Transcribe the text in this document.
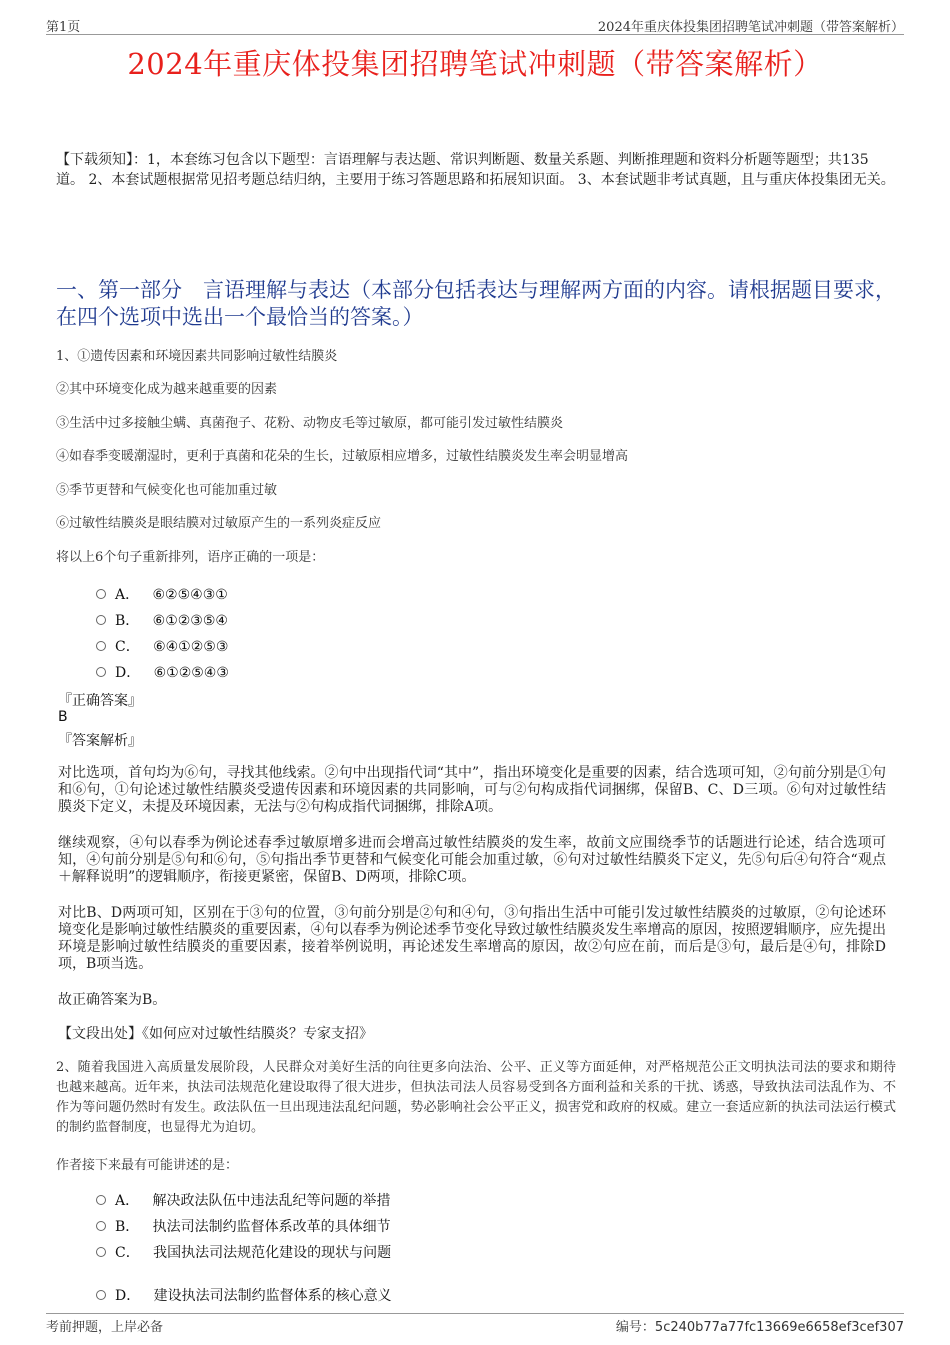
第1页	2024年重庆体投集团招聘笔试冲刺题（带答案解析）
2024年重庆体投集团招聘笔试冲刺题（带答案解析）
【下载须知】：1，本套练习包含以下题型：言语理解与表达题、常识判断题、数量关系题、判断推理题和资料分析题等题型；共135道。 2、本套试题根据常见招考题总结归纳，主要用于练习答题思路和拓展知识面。 3、本套试题非考试真题，且与重庆体投集团无关。
一、第一部分　言语理解与表达（本部分包括表达与理解两方面的内容。请根据题目要求，在四个选项中选出一个最恰当的答案。）
1、①遗传因素和环境因素共同影响过敏性结膜炎
②其中环境变化成为越来越重要的因素
③生活中过多接触尘螨、真菌孢子、花粉、动物皮毛等过敏原，都可能引发过敏性结膜炎
④如春季变暖潮湿时，更利于真菌和花朵的生长，过敏原相应增多，过敏性结膜炎发生率会明显增高
⑤季节更替和气候变化也可能加重过敏
⑥过敏性结膜炎是眼结膜对过敏原产生的一系列炎症反应
将以上6个句子重新排列，语序正确的一项是：
A． ⑥②⑤④③①
B． ⑥①②③⑤④
C． ⑥④①②⑤③
D． ⑥①②⑤④③
『正确答案』
B
『答案解析』
对比选项，首句均为⑥句，寻找其他线索。②句中出现指代词“其中”，指出环境变化是重要的因素，结合选项可知，②句前分别是①句和⑥句，①句论述过敏性结膜炎受遗传因素和环境因素的共同影响，可与②句构成指代词捆绑，保留B、C、D三项。⑥句对过敏性结膜炎下定义，未提及环境因素，无法与②句构成指代词捆绑，排除A项。
继续观察，④句以春季为例论述春季过敏原增多进而会增高过敏性结膜炎的发生率，故前文应围绕季节的话题进行论述，结合选项可知，④句前分别是⑤句和⑥句，⑤句指出季节更替和气候变化可能会加重过敏，⑥句对过敏性结膜炎下定义，先⑤句后④句符合“观点＋解释说明”的逻辑顺序，衔接更紧密，保留B、D两项，排除C项。
对比B、D两项可知，区别在于③句的位置，③句前分别是②句和④句，③句指出生活中可能引发过敏性结膜炎的过敏原，②句论述环境变化是影响过敏性结膜炎的重要因素，④句以春季为例论述季节变化导致过敏性结膜炎发生率增高的原因，按照逻辑顺序，应先提出环境是影响过敏性结膜炎的重要因素，接着举例说明，再论述发生率增高的原因，故②句应在前，而后是③句，最后是④句，排除D项，B项当选。
故正确答案为B。
【文段出处】《如何应对过敏性结膜炎？专家支招》
2、随着我国进入高质量发展阶段，人民群众对美好生活的向往更多向法治、公平、正义等方面延伸，对严格规范公正文明执法司法的要求和期待也越来越高。近年来，执法司法规范化建设取得了很大进步，但执法司法人员容易受到各方面利益和关系的干扰、诱惑，导致执法司法乱作为、不作为等问题仍然时有发生。政法队伍一旦出现违法乱纪问题，势必影响社会公平正义，损害党和政府的权威。建立一套适应新的执法司法运行模式的制约监督制度，也显得尤为迫切。
作者接下来最有可能讲述的是：
A． 解决政法队伍中违法乱纪等问题的举措
B． 执法司法制约监督体系改革的具体细节
C． 我国执法司法规范化建设的现状与问题
D． 建设执法司法制约监督体系的核心意义
考前押题，上岸必备	编号：5c240b77a77fc13669e6658ef3cef307
